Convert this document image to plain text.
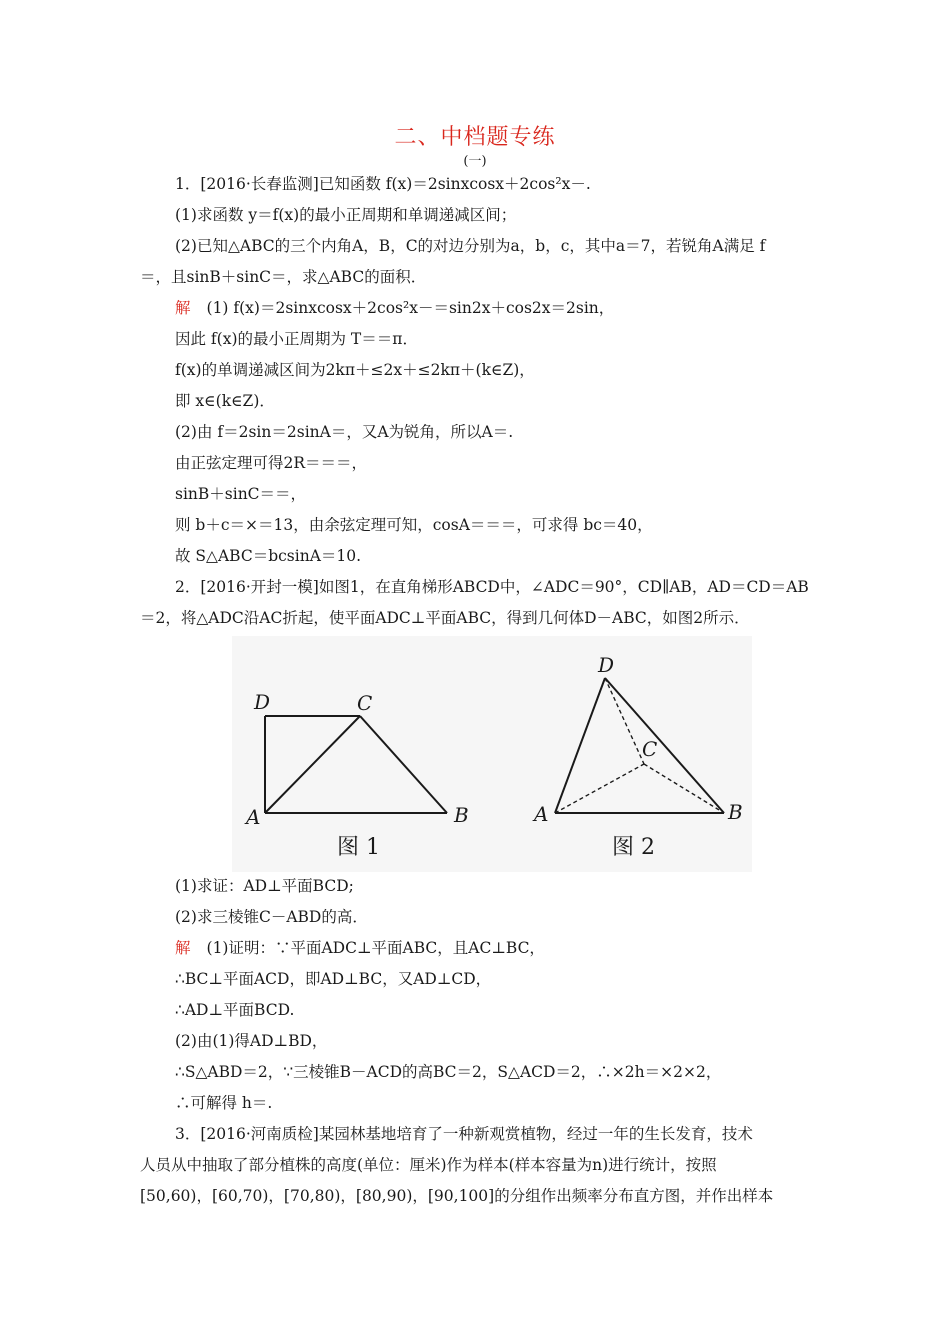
二、中档题专练
(一)
1．[2016·长春监测]已知函数 f(x)＝2sinxcosx＋2cos²x－.
(1)求函数 y＝f(x)的最小正周期和单调递减区间；
(2)已知△ABC的三个内角A，B，C的对边分别为a，b，c，其中a＝7，若锐角A满足 f
＝，且sinB＋sinC＝，求△ABC的面积．
解 (1) f(x)＝2sinxcosx＋2cos²x－＝sin2x＋cos2x＝2sin，
因此 f(x)的最小正周期为 T＝＝π．
f(x)的单调递减区间为2kπ＋≤2x＋≤2kπ＋(k∈Z)，
即 x∈(k∈Z)．
(2)由 f＝2sin＝2sinA＝，又A为锐角，所以A＝.
由正弦定理可得2R＝＝＝，
sinB＋sinC＝＝，
则 b＋c＝×＝13，由余弦定理可知，cosA＝＝＝，可求得 bc＝40，
故 S△ABC＝bcsinA＝10.
2．[2016·开封一模]如图1，在直角梯形ABCD中，∠ADC＝90°，CD∥AB，AD＝CD＝AB
＝2，将△ADC沿AC折起，使平面ADC⊥平面ABC，得到几何体D－ABC，如图2所示．
D	C
A	B
图 1
D
C
A	B
图 2
(1)求证：AD⊥平面BCD;
(2)求三棱锥C－ABD的高．
解 (1)证明：∵平面ADC⊥平面ABC，且AC⊥BC，
∴BC⊥平面ACD，即AD⊥BC，又AD⊥CD，
∴AD⊥平面BCD.
(2)由(1)得AD⊥BD，
∴S△ABD＝2，∵三棱锥B－ACD的高BC＝2，S△ACD＝2，∴×2h＝×2×2，
∴可解得 h＝.
3．[2016·河南质检]某园林基地培育了一种新观赏植物，经过一年的生长发育，技术
人员从中抽取了部分植株的高度(单位：厘米)作为样本(样本容量为n)进行统计，按照
[50,60)，[60,70)，[70,80)，[80,90)，[90,100]的分组作出频率分布直方图，并作出样本
